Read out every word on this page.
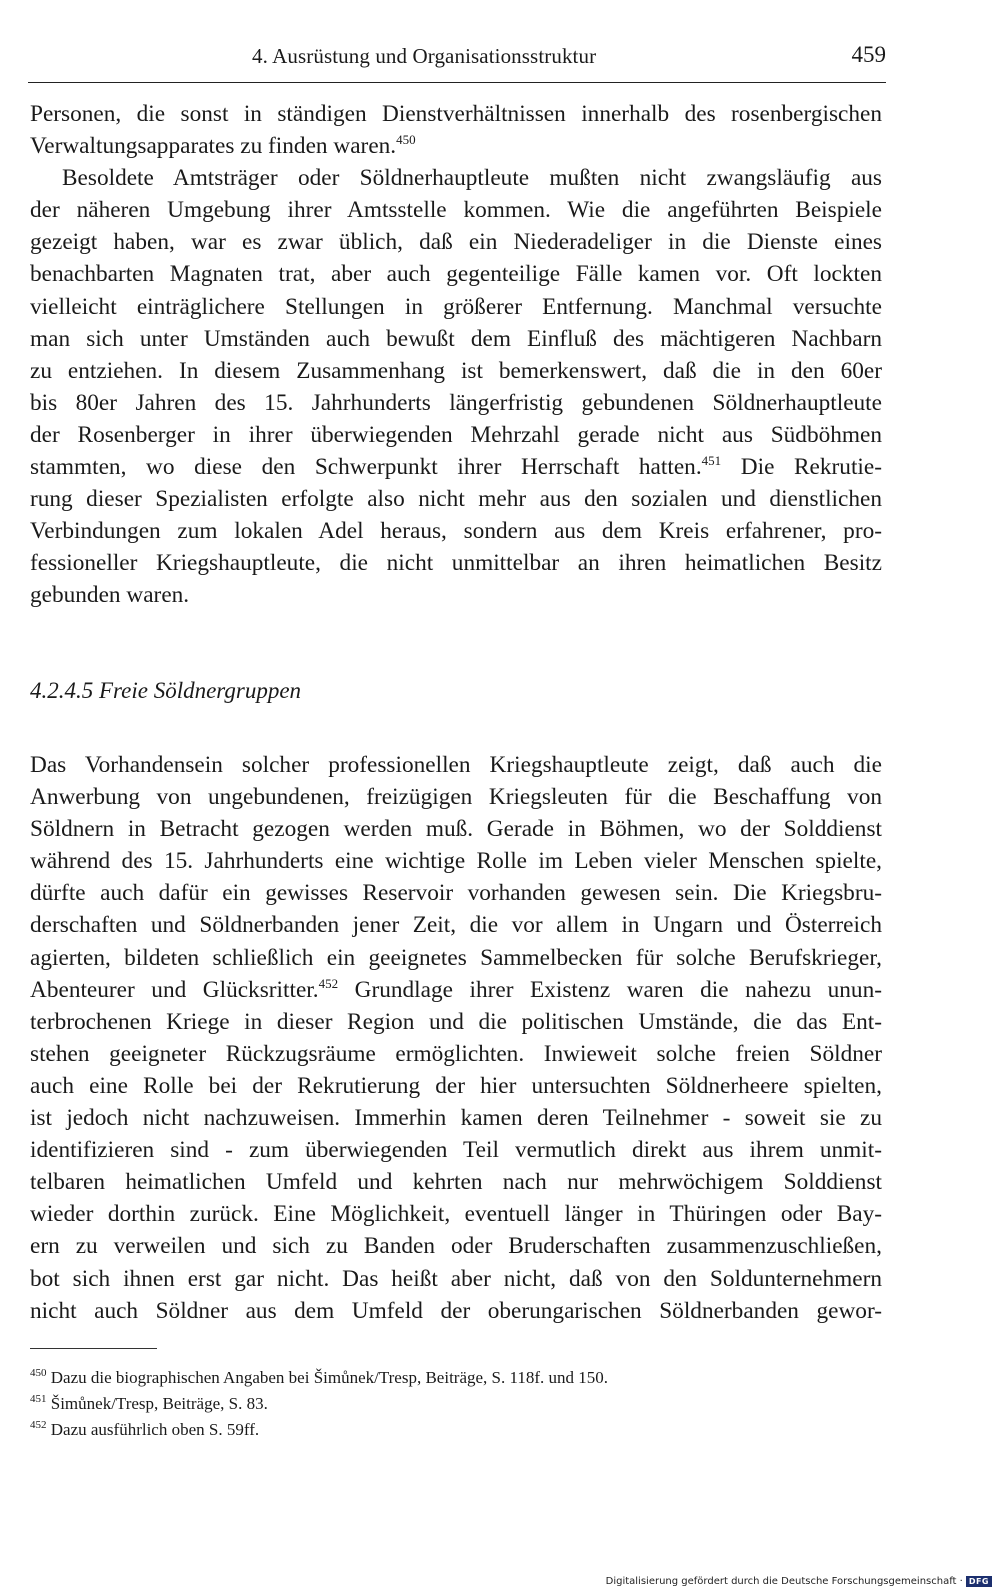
4. Ausrüstung und Organisationsstruktur	459

Personen, die sonst in ständigen Dienstverhältnissen innerhalb des rosenbergischen

Verwaltungsapparates zu finden waren.$^{450}$

Besoldete Amtsträger oder Söldnerhauptleute mußten nicht zwangsläufig aus

der näheren Umgebung ihrer Amtsstelle kommen. Wie die angeführten Beispiele

gezeigt haben, war es zwar üblich, daß ein Niederadeliger in die Dienste eines

benachbarten Magnaten trat, aber auch gegenteilige Fälle kamen vor. Oft lockten

vielleicht einträglichere Stellungen in größerer Entfernung. Manchmal versuchte

man sich unter Umständen auch bewußt dem Einfluß des mächtigeren Nachbarn

zu entziehen. In diesem Zusammenhang ist bemerkenswert, daß die in den 60er

bis 80er Jahren des 15. Jahrhunderts längerfristig gebundenen Söldnerhauptleute

der Rosenberger in ihrer überwiegenden Mehrzahl gerade nicht aus Südböhmen

stammten, wo diese den Schwerpunkt ihrer Herrschaft hatten.$^{451}$ Die Rekrutie-

rung dieser Spezialisten erfolgte also nicht mehr aus den sozialen und dienstlichen

Verbindungen zum lokalen Adel heraus, sondern aus dem Kreis erfahrener, pro-

fessioneller Kriegshauptleute, die nicht unmittelbar an ihren heimatlichen Besitz

gebunden waren.

4.2.4.5 Freie Söldnergruppen

Das Vorhandensein solcher professionellen Kriegshauptleute zeigt, daß auch die

Anwerbung von ungebundenen, freizügigen Kriegsleuten für die Beschaffung von

Söldnern in Betracht gezogen werden muß. Gerade in Böhmen, wo der Solddienst

während des 15. Jahrhunderts eine wichtige Rolle im Leben vieler Menschen spielte,

dürfte auch dafür ein gewisses Reservoir vorhanden gewesen sein. Die Kriegsbru-

derschaften und Söldnerbanden jener Zeit, die vor allem in Ungarn und Österreich

agierten, bildeten schließlich ein geeignetes Sammelbecken für solche Berufskrieger,

Abenteurer und Glücksritter.$^{452}$ Grundlage ihrer Existenz waren die nahezu unun-

terbrochenen Kriege in dieser Region und die politischen Umstände, die das Ent-

stehen geeigneter Rückzugsräume ermöglichten. Inwieweit solche freien Söldner

auch eine Rolle bei der Rekrutierung der hier untersuchten Söldnerheere spielten,

ist jedoch nicht nachzuweisen. Immerhin kamen deren Teilnehmer - soweit sie zu

identifizieren sind - zum überwiegenden Teil vermutlich direkt aus ihrem unmit-

telbaren heimatlichen Umfeld und kehrten nach nur mehrwöchigem Solddienst

wieder dorthin zurück. Eine Möglichkeit, eventuell länger in Thüringen oder Bay-

ern zu verweilen und sich zu Banden oder Bruderschaften zusammenzuschließen,

bot sich ihnen erst gar nicht. Das heißt aber nicht, daß von den Soldunternehmern

nicht auch Söldner aus dem Umfeld der oberungarischen Söldnerbanden gewor-

$^{450}$ Dazu die biographischen Angaben bei Šimůnek/Tresp, Beiträge, S. 118f. und 150.
$^{451}$ Šimůnek/Tresp, Beiträge, S. 83.
$^{452}$ Dazu ausführlich oben S. 59ff.
Digitalisierung gefördert durch die Deutsche Forschungsgemeinschaft · DFG
